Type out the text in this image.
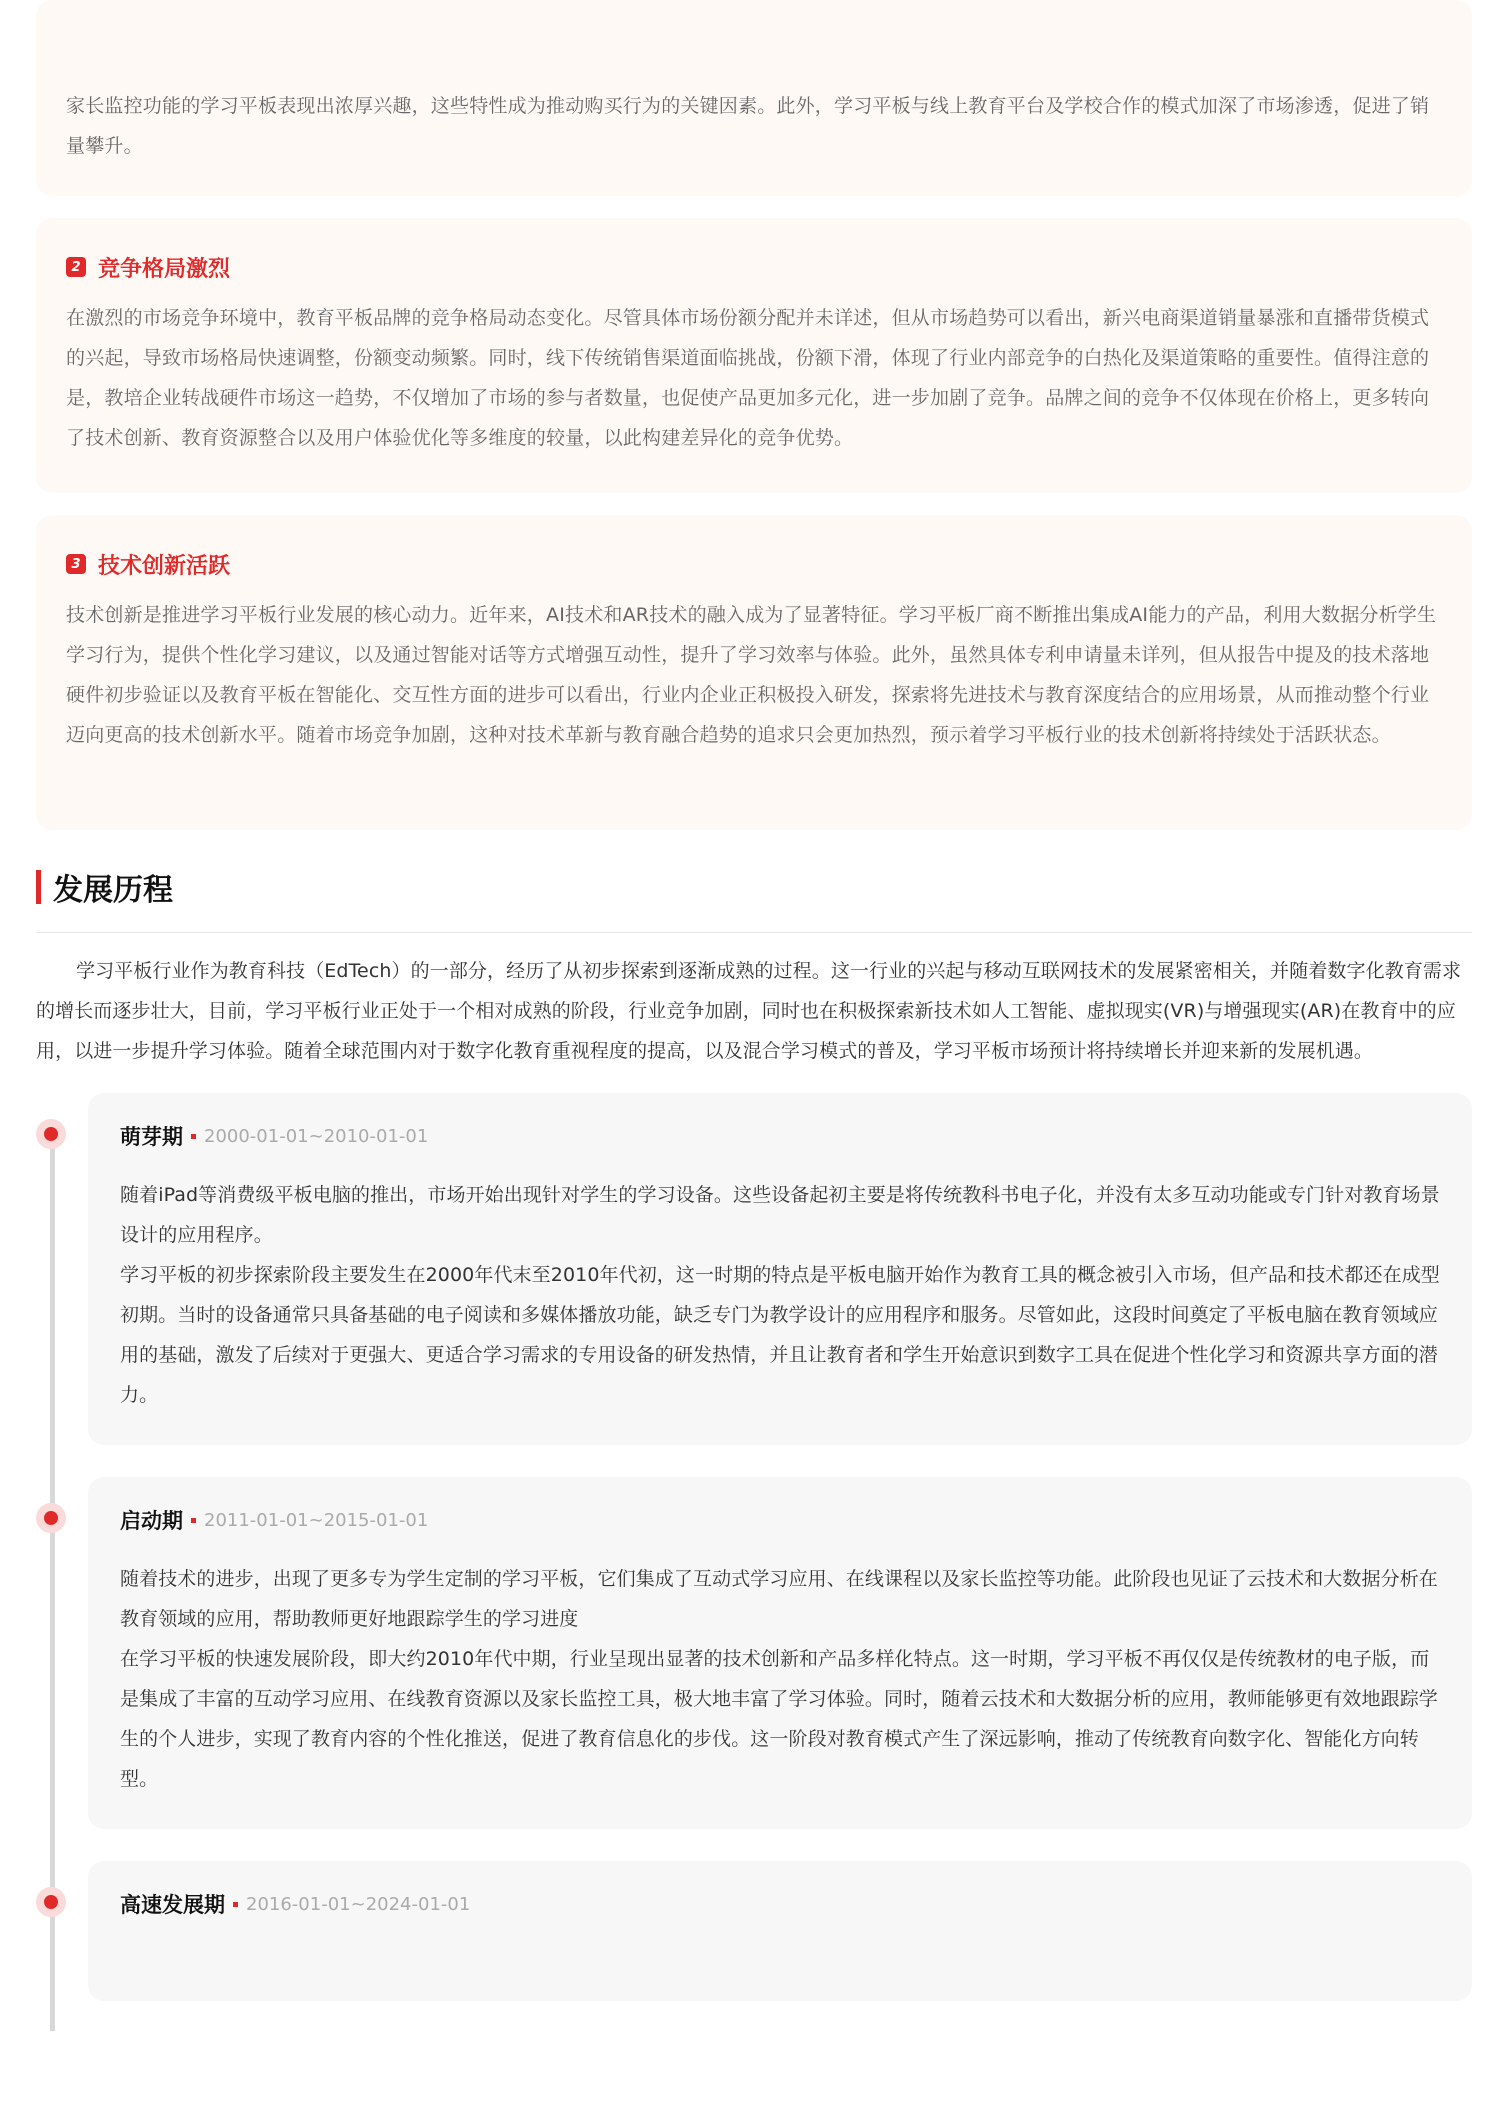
家长监控功能的学习平板表现出浓厚兴趣，这些特性成为推动购买行为的关键因素。此外，学习平板与线上教育平台及学校合作的模式加深了市场渗透，促进了销量攀升。

2 竞争格局激烈

在激烈的市场竞争环境中，教育平板品牌的竞争格局动态变化。尽管具体市场份额分配并未详述，但从市场趋势可以看出，新兴电商渠道销量暴涨和直播带货模式的兴起，导致市场格局快速调整，份额变动频繁。同时，线下传统销售渠道面临挑战，份额下滑，体现了行业内部竞争的白热化及渠道策略的重要性。值得注意的是，教培企业转战硬件市场这一趋势，不仅增加了市场的参与者数量，也促使产品更加多元化，进一步加剧了竞争。品牌之间的竞争不仅体现在价格上，更多转向了技术创新、教育资源整合以及用户体验优化等多维度的较量，以此构建差异化的竞争优势。

3 技术创新活跃

技术创新是推进学习平板行业发展的核心动力。近年来，AI技术和AR技术的融入成为了显著特征。学习平板厂商不断推出集成AI能力的产品，利用大数据分析学生学习行为，提供个性化学习建议，以及通过智能对话等方式增强互动性，提升了学习效率与体验。此外，虽然具体专利申请量未详列，但从报告中提及的技术落地硬件初步验证以及教育平板在智能化、交互性方面的进步可以看出，行业内企业正积极投入研发，探索将先进技术与教育深度结合的应用场景，从而推动整个行业迈向更高的技术创新水平。随着市场竞争加剧，这种对技术革新与教育融合趋势的追求只会更加热烈，预示着学习平板行业的技术创新将持续处于活跃状态。

发展历程

学习平板行业作为教育科技（EdTech）的一部分，经历了从初步探索到逐渐成熟的过程。这一行业的兴起与移动互联网技术的发展紧密相关，并随着数字化教育需求的增长而逐步壮大，目前，学习平板行业正处于一个相对成熟的阶段，行业竞争加剧，同时也在积极探索新技术如人工智能、虚拟现实(VR)与增强现实(AR)在教育中的应用，以进一步提升学习体验。随着全球范围内对于数字化教育重视程度的提高，以及混合学习模式的普及，学习平板市场预计将持续增长并迎来新的发展机遇。

萌芽期 2000-01-01~2010-01-01

随着iPad等消费级平板电脑的推出，市场开始出现针对学生的学习设备。这些设备起初主要是将传统教科书电子化，并没有太多互动功能或专门针对教育场景设计的应用程序。

学习平板的初步探索阶段主要发生在2000年代末至2010年代初，这一时期的特点是平板电脑开始作为教育工具的概念被引入市场，但产品和技术都还在成型初期。当时的设备通常只具备基础的电子阅读和多媒体播放功能，缺乏专门为教学设计的应用程序和服务。尽管如此，这段时间奠定了平板电脑在教育领域应用的基础，激发了后续对于更强大、更适合学习需求的专用设备的研发热情，并且让教育者和学生开始意识到数字工具在促进个性化学习和资源共享方面的潜力。

启动期 2011-01-01~2015-01-01

随着技术的进步，出现了更多专为学生定制的学习平板，它们集成了互动式学习应用、在线课程以及家长监控等功能。此阶段也见证了云技术和大数据分析在教育领域的应用，帮助教师更好地跟踪学生的学习进度

在学习平板的快速发展阶段，即大约2010年代中期，行业呈现出显著的技术创新和产品多样化特点。这一时期，学习平板不再仅仅是传统教材的电子版，而是集成了丰富的互动学习应用、在线教育资源以及家长监控工具，极大地丰富了学习体验。同时，随着云技术和大数据分析的应用，教师能够更有效地跟踪学生的个人进步，实现了教育内容的个性化推送，促进了教育信息化的步伐。这一阶段对教育模式产生了深远影响，推动了传统教育向数字化、智能化方向转型。

高速发展期 2016-01-01~2024-01-01
